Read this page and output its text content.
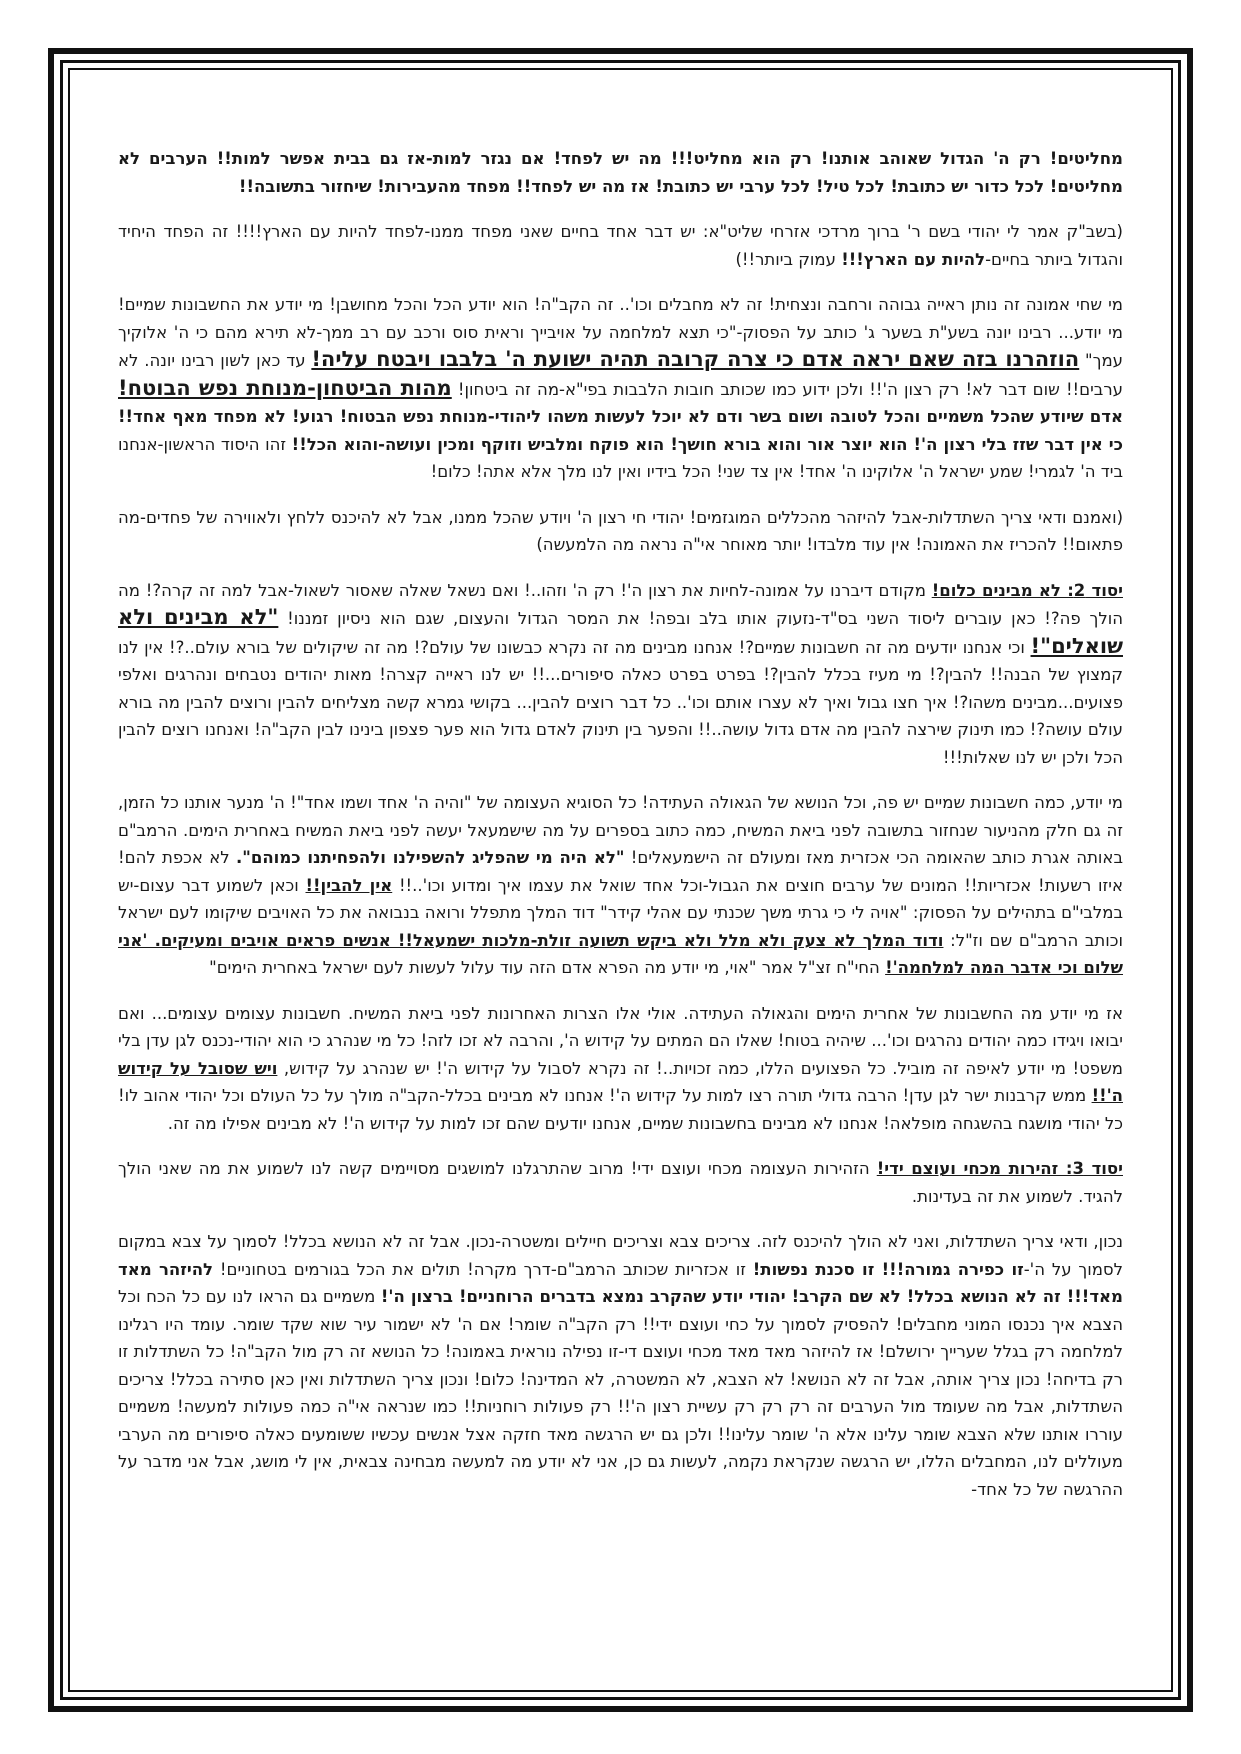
מחליטים! רק ה' הגדול שאוהב אותנו! רק הוא מחליט!!! מה יש לפחד! אם נגזר למות-אז גם בבית אפשר למות!! הערבים לא מחליטים! לכל כדור יש כתובת! לכל טיל! לכל ערבי יש כתובת! אז מה יש לפחד!! מפחד מהעבירות! שיחזור בתשובה!!

(בשב"ק אמר לי יהודי בשם ר' ברוך מרדכי אזרחי שליט"א: יש דבר אחד בחיים שאני מפחד ממנו-לפחד להיות עם הארץ!!!! זה הפחד היחיד והגדול ביותר בחיים-להיות עם הארץ!!! עמוק ביותר!!)

מי שחי אמונה זה נותן ראייה גבוהה ורחבה ונצחית! זה לא מחבלים וכו'.. זה הקב"ה! הוא יודע הכל והכל מחושבן! מי יודע את החשבונות שמיים! מי יודע... רבינו יונה בשע"ת בשער ג' כותב על הפסוק-"כי תצא למלחמה על אויבייך וראית סוס ורכב עם רב ממך-לא תירא מהם כי ה' אלוקיך עמך" הוזהרנו בזה שאם יראה אדם כי צרה קרובה תהיה ישועת ה' בלבבו ויבטח עליה! עד כאן לשון רבינו יונה. לא ערבים!! שום דבר לא! רק רצון ה'!! ולכן ידוע כמו שכותב חובות הלבבות בפי"א-מה זה ביטחון! מהות הביטחון-מנוחת נפש הבוטח! אדם שיודע שהכל משמיים והכל לטובה ושום בשר ודם לא יוכל לעשות משהו ליהודי-מנוחת נפש הבטוח! רגוע! לא מפחד מאף אחד!! כי אין דבר שזז בלי רצון ה'! הוא יוצר אור והוא בורא חושך! הוא פוקח ומלביש וזוקף ומכין ועושה-והוא הכל!! זהו היסוד הראשון-אנחנו ביד ה' לגמרי! שמע ישראל ה' אלוקינו ה' אחד! אין צד שני! הכל בידיו ואין לנו מלך אלא אתה! כלום!

(ואמנם ודאי צריך השתדלות-אבל להיזהר מהכללים המוגזמים! יהודי חי רצון ה' ויודע שהכל ממנו, אבל לא להיכנס ללחץ ולאווירה של פחדים-מה פתאום!! להכריז את האמונה! אין עוד מלבדו! יותר מאוחר אי"ה נראה מה הלמעשה)

יסוד 2: לא מבינים כלום! מקודם דיברנו על אמונה-לחיות את רצון ה'! רק ה' וזהו..! ואם נשאל שאלה שאסור לשאול-אבל למה זה קרה?! מה הולך פה?! כאן עוברים ליסוד השני בס"ד-נזעוק אותו בלב ובפה! את המסר הגדול והעצום, שגם הוא ניסיון זמננו! "לא מבינים ולא שואלים"! וכי אנחנו יודעים מה זה חשבונות שמיים?! אנחנו מבינים מה זה נקרא כבשונו של עולם?! מה זה שיקולים של בורא עולם..?! אין לנו קמצוץ של הבנה!! להבין?! מי מעיז בכלל להבין?! בפרט בפרט כאלה סיפורים...!! יש לנו ראייה קצרה! מאות יהודים נטבחים ונהרגים ואלפי פצועים...מבינים משהו?! איך חצו גבול ואיך לא עצרו אותם וכו'.. כל דבר רוצים להבין... בקושי גמרא קשה מצליחים להבין ורוצים להבין מה בורא עולם עושה?! כמו תינוק שירצה להבין מה אדם גדול עושה..!! והפער בין תינוק לאדם גדול הוא פער פצפון בינינו לבין הקב"ה! ואנחנו רוצים להבין הכל ולכן יש לנו שאלות!!!

מי יודע, כמה חשבונות שמיים יש פה, וכל הנושא של הגאולה העתידה! כל הסוגיא העצומה של "והיה ה' אחד ושמו אחד"! ה' מנער אותנו כל הזמן, זה גם חלק מהניעור שנחזור בתשובה לפני ביאת המשיח, כמה כתוב בספרים על מה שישמעאל יעשה לפני ביאת המשיח באחרית הימים. הרמב"ם באותה אגרת כותב שהאומה הכי אכזרית מאז ומעולם זה הישמעאלים! "לא היה מי שהפליג להשפילנו ולהפחיתנו כמוהם". לא אכפת להם! איזו רשעות! אכזריות!! המונים של ערבים חוצים את הגבול-וכל אחד שואל את עצמו איך ומדוע וכו'..!! אין להבין!! וכאן לשמוע דבר עצום-יש במלבי"ם בתהילים על הפסוק: "אויה לי כי גרתי משך שכנתי עם אהלי קידר" דוד המלך מתפלל ורואה בנבואה את כל האויבים שיקומו לעם ישראל וכותב הרמב"ם שם וז"ל: ודוד המלך לא צעק ולא מלל ולא ביקש תשועה זולת-מלכות ישמעאל!! אנשים פראים אויבים ומעיקים. 'אני שלום וכי אדבר המה למלחמה'! החי"ח זצ"ל אמר "אוי, מי יודע מה הפרא אדם הזה עוד עלול לעשות לעם ישראל באחרית הימים"

אז מי יודע מה החשבונות של אחרית הימים והגאולה העתידה. אולי אלו הצרות האחרונות לפני ביאת המשיח. חשבונות עצומים עצומים... ואם יבואו ויגידו כמה יהודים נהרגים וכו'... שיהיה בטוח! שאלו הם המתים על קידוש ה', והרבה לא זכו לזה! כל מי שנהרג כי הוא יהודי-נכנס לגן עדן בלי משפט! מי יודע לאיפה זה מוביל. כל הפצועים הללו, כמה זכויות..! זה נקרא לסבול על קידוש ה'! יש שנהרג על קידוש, ויש שסובל על קידוש ה'!! ממש קרבנות ישר לגן עדן! הרבה גדולי תורה רצו למות על קידוש ה'! אנחנו לא מבינים בכלל-הקב"ה מולך על כל העולם וכל יהודי אהוב לו! כל יהודי מושגח בהשגחה מופלאה! אנחנו לא מבינים בחשבונות שמיים, אנחנו יודעים שהם זכו למות על קידוש ה'! לא מבינים אפילו מה זה.

יסוד 3: זהירות מכחי ועוצם ידי! הזהירות העצומה מכחי ועוצם ידי! מרוב שהתרגלנו למושגים מסויימים קשה לנו לשמוע את מה שאני הולך להגיד. לשמוע את זה בעדינות.

נכון, ודאי צריך השתדלות, ואני לא הולך להיכנס לזה. צריכים צבא וצריכים חיילים ומשטרה-נכון. אבל זה לא הנושא בכלל! לסמוך על צבא במקום לסמוך על ה'-זו כפירה גמורה!!! זו סכנת נפשות! זו אכזריות שכותב הרמב"ם-דרך מקרה! תולים את הכל בגורמים בטחוניים! להיזהר מאד מאד!!! זה לא הנושא בכלל! לא שם הקרב! יהודי יודע שהקרב נמצא בדברים הרוחניים! ברצון ה'! משמיים גם הראו לנו עם כל הכח וכל הצבא איך נכנסו המוני מחבלים! להפסיק לסמוך על כחי ועוצם ידי!! רק הקב"ה שומר! אם ה' לא ישמור עיר שוא שקד שומר. עומד היו רגלינו למלחמה רק בגלל שערייך ירושלם! אז להיזהר מאד מאד מכחי ועוצם די-זו נפילה נוראית באמונה! כל הנושא זה רק מול הקב"ה! כל השתדלות זו רק בדיחה! נכון צריך אותה, אבל זה לא הנושא! לא הצבא, לא המשטרה, לא המדינה! כלום! ונכון צריך השתדלות ואין כאן סתירה בכלל! צריכים השתדלות, אבל מה שעומד מול הערבים זה רק רק רק עשיית רצון ה'!! רק פעולות רוחניות!! כמו שנראה אי"ה כמה פעולות למעשה! משמיים עוררו אותנו שלא הצבא שומר עלינו אלא ה' שומר עלינו!! ולכן גם יש הרגשה מאד חזקה אצל אנשים עכשיו ששומעים כאלה סיפורים מה הערבי מעוללים לנו, המחבלים הללו, יש הרגשה שנקראת נקמה, לעשות גם כן, אני לא יודע מה למעשה מבחינה צבאית, אין לי מושג, אבל אני מדבר על ההרגשה של כל אחד-
